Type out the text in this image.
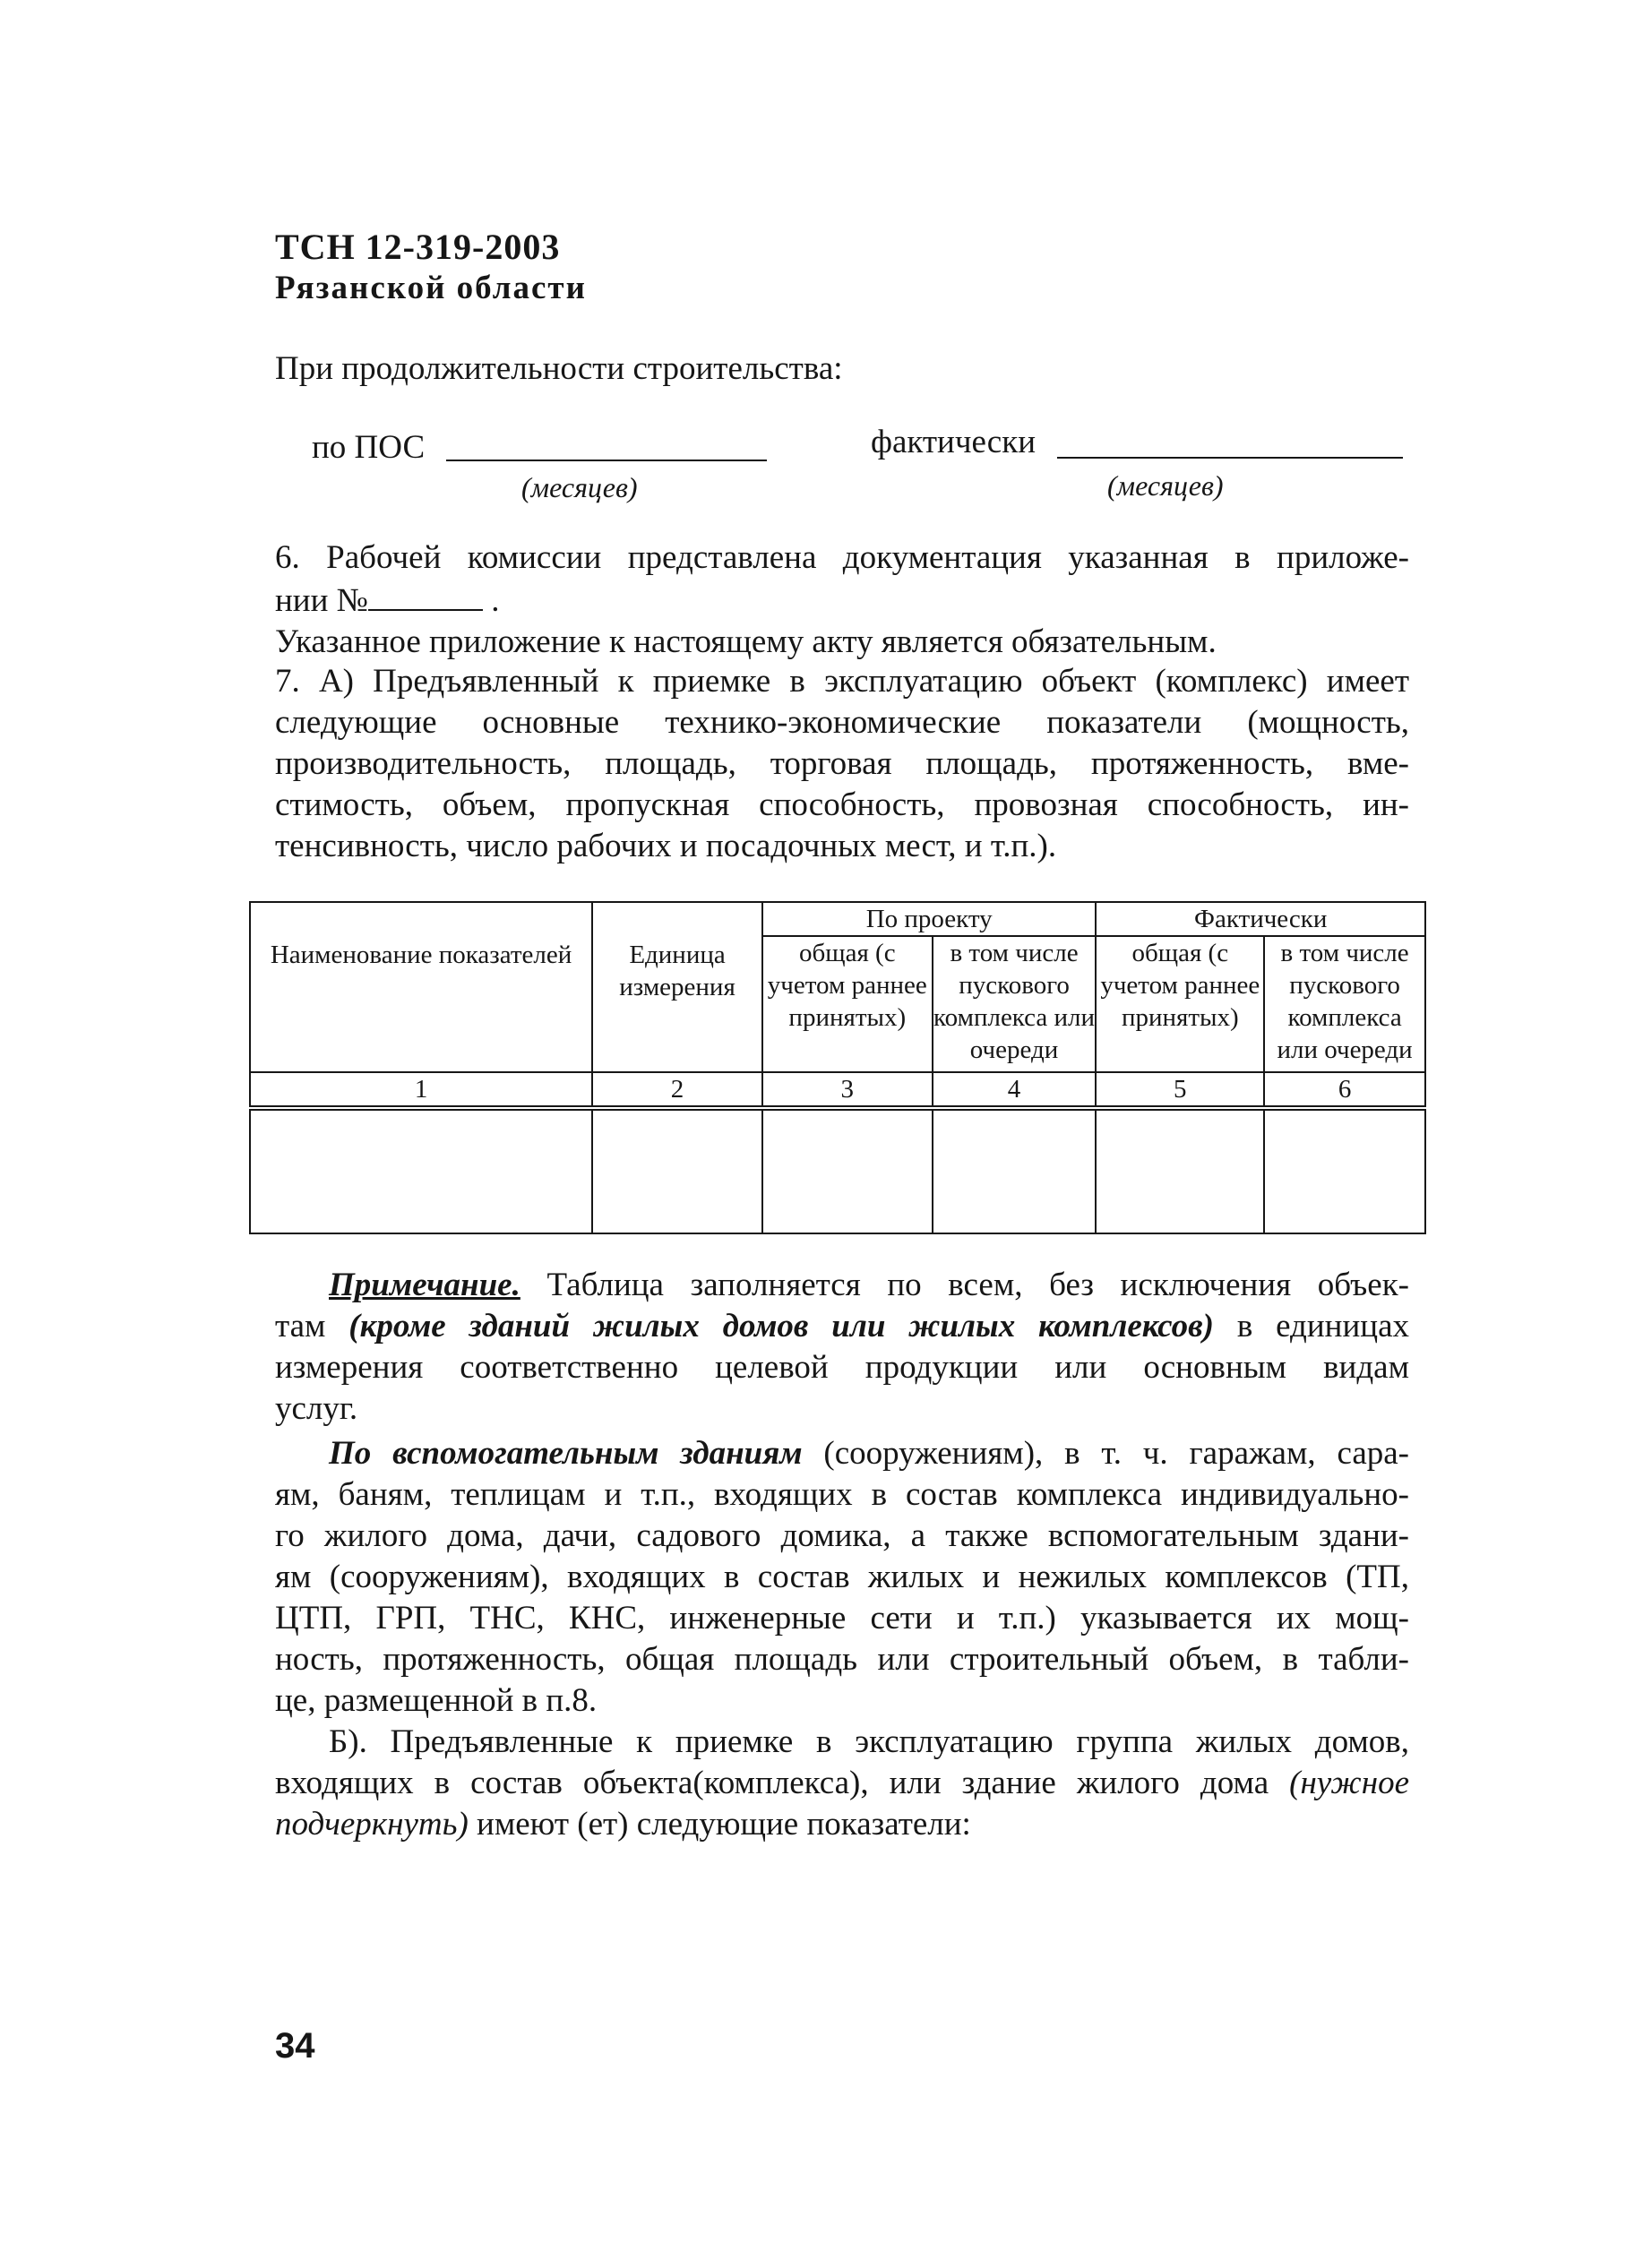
ТСН 12-319-2003
Рязанской области
При продолжительности строительства:
по ПОС
(месяцев)
фактически
(месяцев)
6. Рабочей комиссии представлена документация указанная в приложе-
нии №	.
Указанное приложение к настоящему акту является обязательным.
7. А) Предъявленный к приемке в эксплуатацию объект (комплекс) имеет
следующие основные технико-экономические показатели (мощность,
производительность, площадь, торговая площадь, протяженность, вме-
стимость, объем, пропускная способность, провозная способность, ин-
тенсивность, число рабочих и посадочных мест, и т.п.).
Наименование показателей	Единица измерения	По проекту		Фактически	
		общая (с учетом раннее принятых)	в том числе пускового комплекса или очереди	общая (с учетом раннее принятых)	в том числе пускового комплекса или очереди
1	2	3	4	5	6

Примечание. Таблица заполняется по всем, без исключения объек-
там (кроме зданий жилых домов или жилых комплексов) в единицах
измерения соответственно целевой продукции или основным видам
услуг.
По вспомогательным зданиям (сооружениям), в т. ч. гаражам, сара-
ям, баням, теплицам и т.п., входящих в состав комплекса индивидуально-
го жилого дома, дачи, садового домика, а также вспомогательным здани-
ям (сооружениям), входящих в состав жилых и нежилых комплексов (ТП,
ЦТП, ГРП, ТНС, КНС, инженерные сети и т.п.) указывается их мощ-
ность, протяженность, общая площадь или строительный объем, в табли-
це, размещенной в п.8.
Б). Предъявленные к приемке в эксплуатацию группа жилых домов,
входящих в состав объекта(комплекса), или здание жилого дома (нужное
подчеркнуть) имеют (ет) следующие показатели:
34
